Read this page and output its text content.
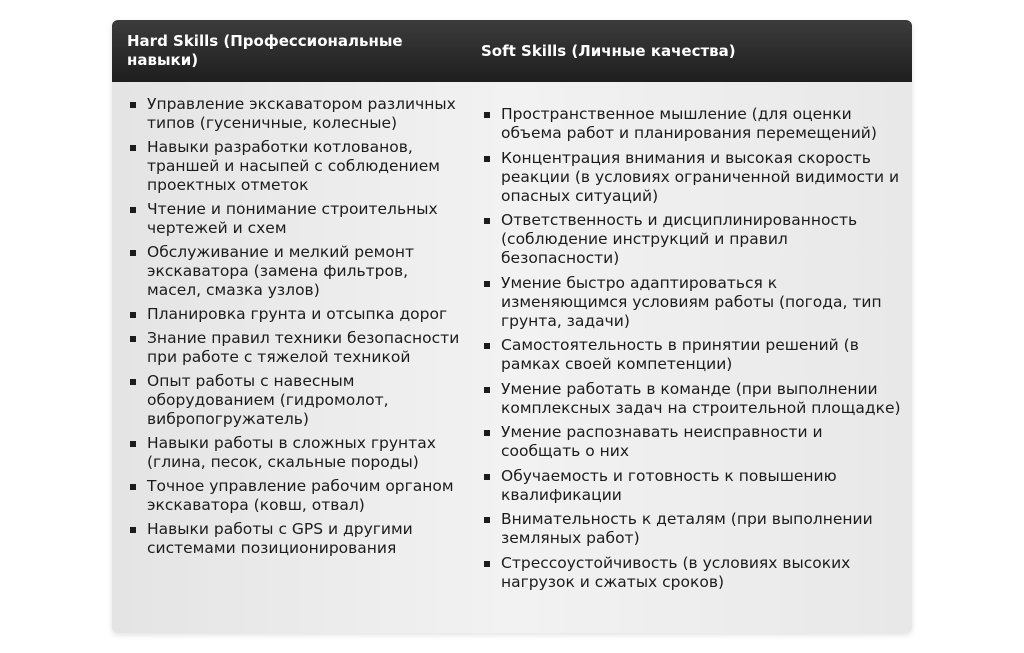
Hard Skills (Профессиональные навыки)
Soft Skills (Личные качества)
Управление экскаватором различных типов (гусеничные, колесные)
Навыки разработки котлованов, траншей и насыпей с соблюдением проектных отметок
Чтение и понимание строительных чертежей и схем
Обслуживание и мелкий ремонт экскаватора (замена фильтров, масел, смазка узлов)
Планировка грунта и отсыпка дорог
Знание правил техники безопасности при работе с тяжелой техникой
Опыт работы с навесным оборудованием (гидромолот, вибропогружатель)
Навыки работы в сложных грунтах (глина, песок, скальные породы)
Точное управление рабочим органом экскаватора (ковш, отвал)
Навыки работы с GPS и другими системами позиционирования
Пространственное мышление (для оценки объема работ и планирования перемещений)
Концентрация внимания и высокая скорость реакции (в условиях ограниченной видимости и опасных ситуаций)
Ответственность и дисциплинированность (соблюдение инструкций и правил безопасности)
Умение быстро адаптироваться к изменяющимся условиям работы (погода, тип грунта, задачи)
Самостоятельность в принятии решений (в рамках своей компетенции)
Умение работать в команде (при выполнении комплексных задач на строительной площадке)
Умение распознавать неисправности и сообщать о них
Обучаемость и готовность к повышению квалификации
Внимательность к деталям (при выполнении земляных работ)
Стрессоустойчивость (в условиях высоких нагрузок и сжатых сроков)
